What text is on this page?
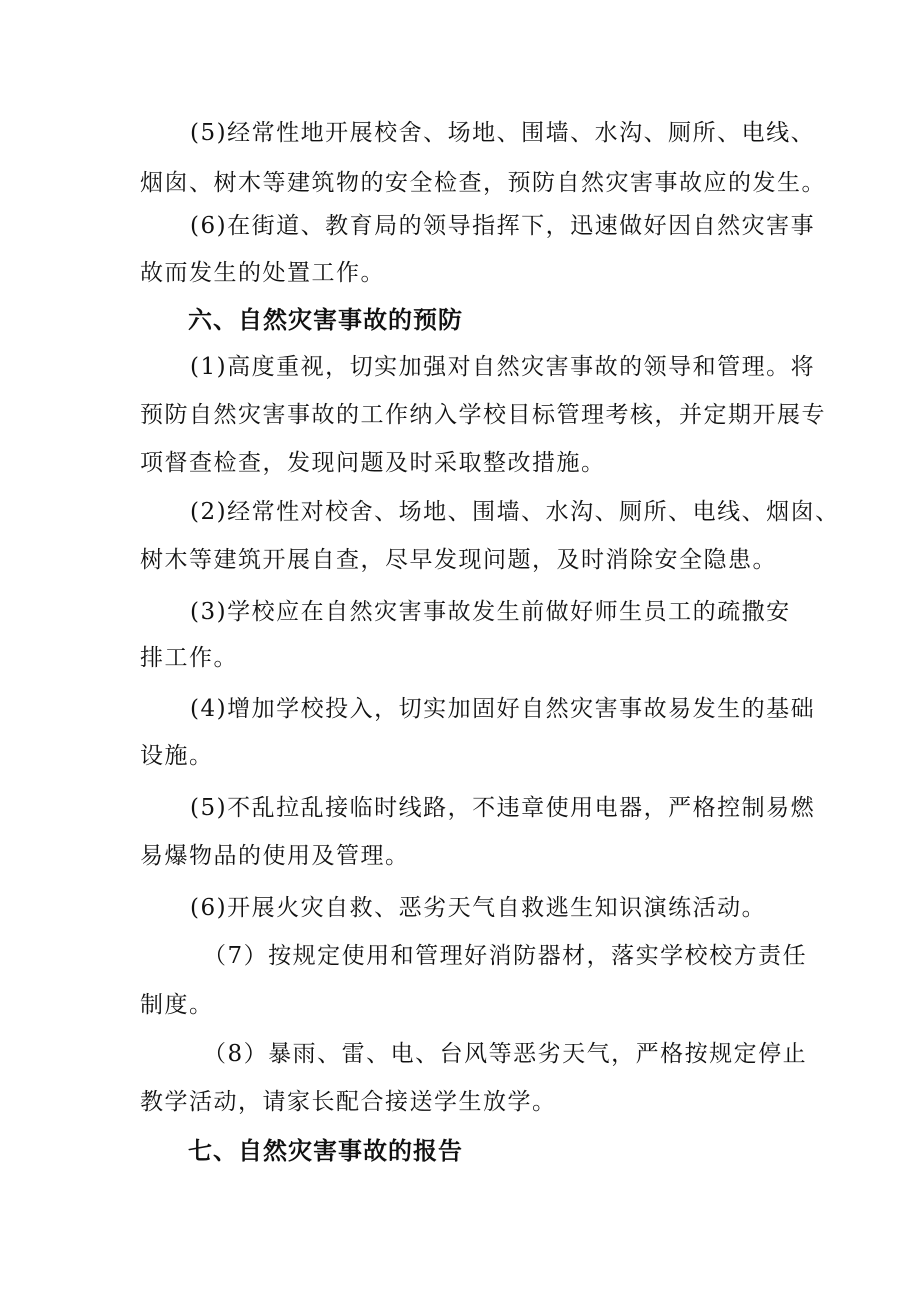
(5)经常性地开展校舍、场地、围墙、水沟、厕所、电线、
烟囱、树木等建筑物的安全检查，预防自然灾害事故应的发生。
(6)在街道、教育局的领导指挥下，迅速做好因自然灾害事
故而发生的处置工作。
六、自然灾害事故的预防
(1)高度重视，切实加强对自然灾害事故的领导和管理。将
预防自然灾害事故的工作纳入学校目标管理考核，并定期开展专
项督查检查，发现问题及时采取整改措施。
(2)经常性对校舍、场地、围墙、水沟、厕所、电线、烟囱、
树木等建筑开展自查，尽早发现问题，及时消除安全隐患。
(3)学校应在自然灾害事故发生前做好师生员工的疏撒安
排工作。
(4)增加学校投入，切实加固好自然灾害事故易发生的基础
设施。
(5)不乱拉乱接临时线路，不违章使用电器，严格控制易燃
易爆物品的使用及管理。
(6)开展火灾自救、恶劣天气自救逃生知识演练活动。
（7）按规定使用和管理好消防器材，落实学校校方责任
制度。
（8）暴雨、雷、电、台风等恶劣天气，严格按规定停止
教学活动，请家长配合接送学生放学。
七、自然灾害事故的报告
